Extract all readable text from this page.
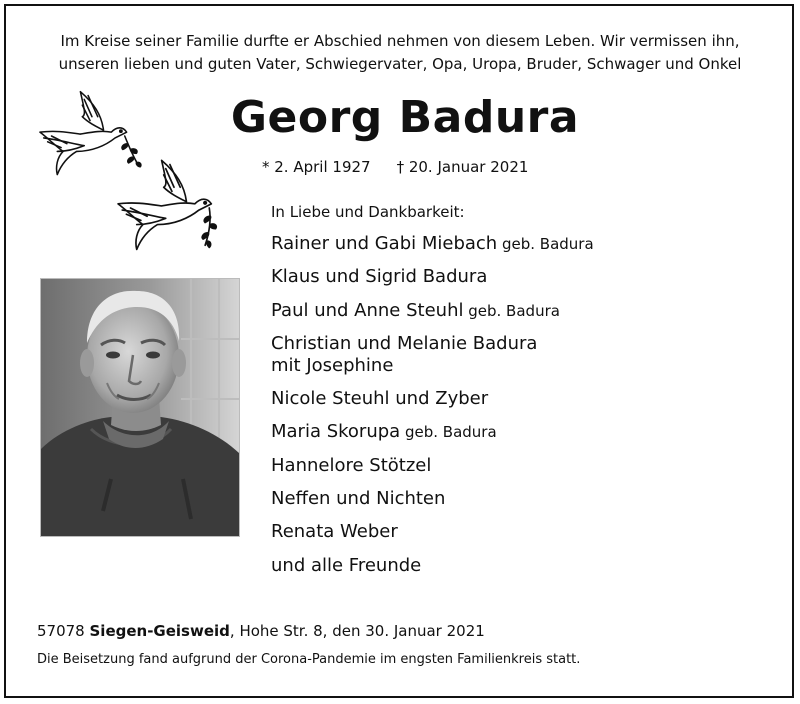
Im Kreise seiner Familie durfte er Abschied nehmen von diesem Leben. Wir vermissen ihn,
unseren lieben und guten Vater, Schwiegervater, Opa, Uropa, Bruder, Schwager und Onkel
Georg Badura
* 2. April 1927 † 20. Januar 2021
In Liebe und Dankbarkeit:
Rainer und Gabi Miebach geb. Badura
Klaus und Sigrid Badura
Paul und Anne Steuhl geb. Badura
Christian und Melanie Badura
mit Josephine
Nicole Steuhl und Zyber
Maria Skorupa geb. Badura
Hannelore Stötzel
Neffen und Nichten
Renata Weber
und alle Freunde
57078 Siegen-Geisweid, Hohe Str. 8, den 30. Januar 2021
Die Beisetzung fand aufgrund der Corona-Pandemie im engsten Familienkreis statt.
